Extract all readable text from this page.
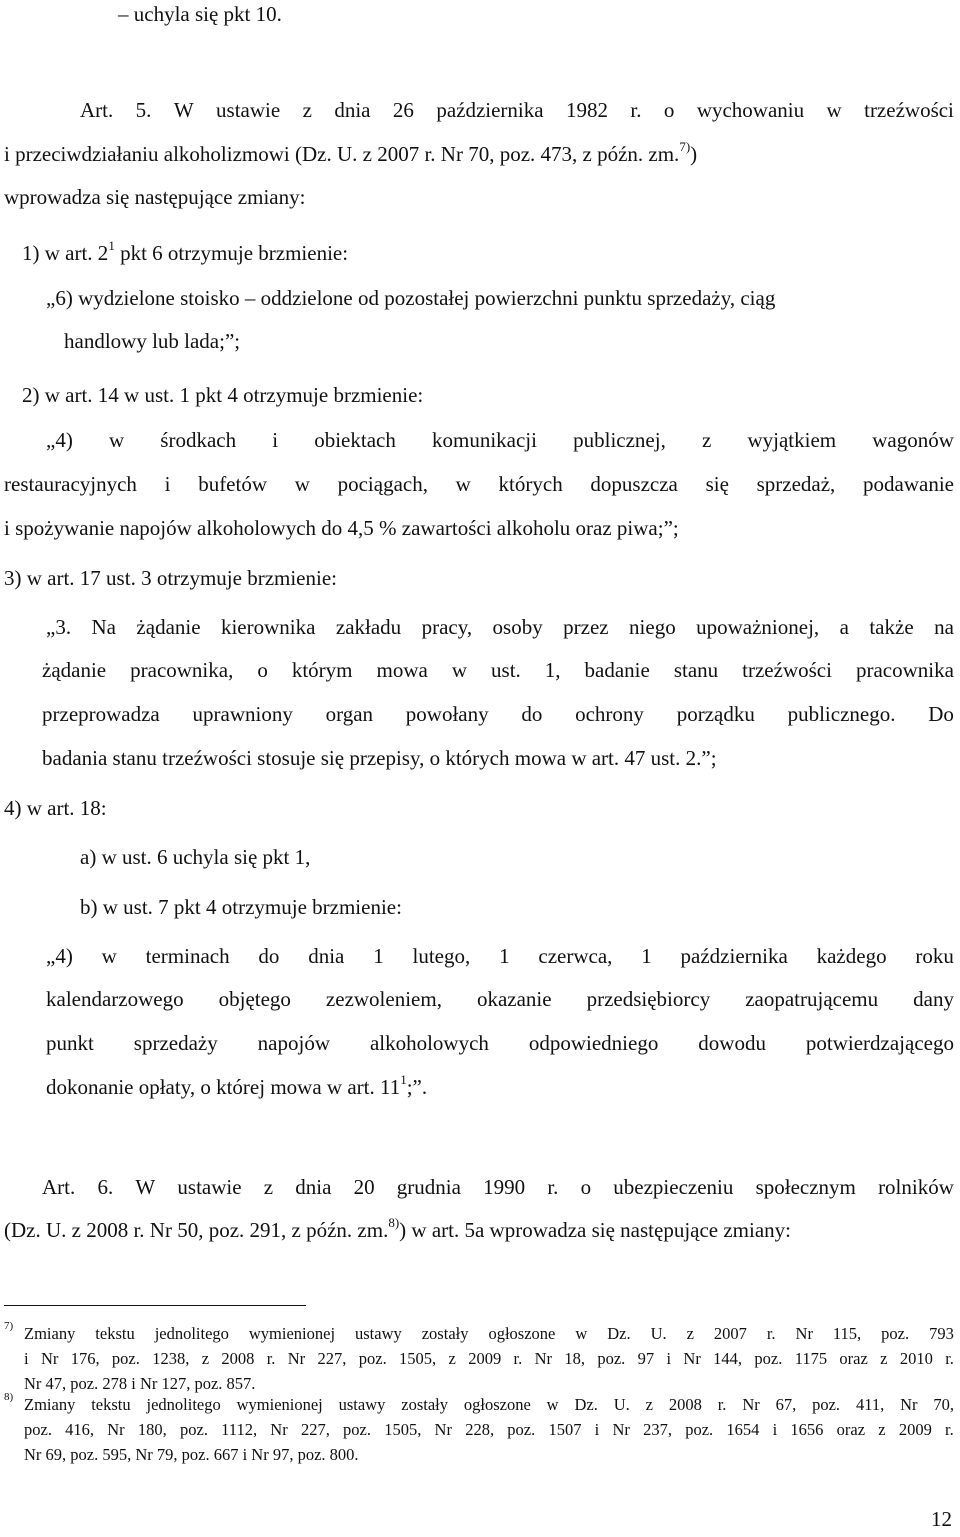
– uchyla się pkt 10.
Art. 5. W ustawie z dnia 26 października 1982 r. o wychowaniu w trzeźwości
i przeciwdziałaniu alkoholizmowi (Dz. U. z 2007 r. Nr 70, poz. 473, z późn. zm.$^{7)}$)
wprowadza się następujące zmiany:
1) w art. $2^1$ pkt 6 otrzymuje brzmienie:
„6) wydzielone stoisko – oddzielone od pozostałej powierzchni punktu sprzedaży, ciąg
handlowy lub lada;”;
2) w art. 14 w ust. 1 pkt 4 otrzymuje brzmienie:
„4) w środkach i obiektach komunikacji publicznej, z wyjątkiem wagonów
restauracyjnych i bufetów w pociągach, w których dopuszcza się sprzedaż, podawanie
i spożywanie napojów alkoholowych do 4,5 % zawartości alkoholu oraz piwa;”;
3) w art. 17 ust. 3 otrzymuje brzmienie:
„3. Na żądanie kierownika zakładu pracy, osoby przez niego upoważnionej, a także na
żądanie pracownika, o którym mowa w ust. 1, badanie stanu trzeźwości pracownika
przeprowadza uprawniony organ powołany do ochrony porządku publicznego. Do
badania stanu trzeźwości stosuje się przepisy, o których mowa w art. 47 ust. 2.”;
4) w art. 18:
a) w ust. 6 uchyla się pkt 1,
b) w ust. 7 pkt 4 otrzymuje brzmienie:
„4) w terminach do dnia 1 lutego, 1 czerwca, 1 października każdego roku
kalendarzowego objętego zezwoleniem, okazanie przedsiębiorcy zaopatrującemu dany
punkt sprzedaży napojów alkoholowych odpowiedniego dowodu potwierdzającego
dokonanie opłaty, o której mowa w art. $11^1$;”.
Art. 6. W ustawie z dnia 20 grudnia 1990 r. o ubezpieczeniu społecznym rolników
(Dz. U. z 2008 r. Nr 50, poz. 291, z późn. zm.$^{8)}$) w art. 5a wprowadza się następujące zmiany:
7) Zmiany tekstu jednolitego wymienionej ustawy zostały ogłoszone w Dz. U. z 2007 r. Nr 115, poz. 793
i Nr 176, poz. 1238, z 2008 r. Nr 227, poz. 1505, z 2009 r. Nr 18, poz. 97 i Nr 144, poz. 1175 oraz z 2010 r.
Nr 47, poz. 278 i Nr 127, poz. 857.
8) Zmiany tekstu jednolitego wymienionej ustawy zostały ogłoszone w Dz. U. z 2008 r. Nr 67, poz. 411, Nr 70,
poz. 416, Nr 180, poz. 1112, Nr 227, poz. 1505, Nr 228, poz. 1507 i Nr 237, poz. 1654 i 1656 oraz z 2009 r.
Nr 69, poz. 595, Nr 79, poz. 667 i Nr 97, poz. 800.
12
